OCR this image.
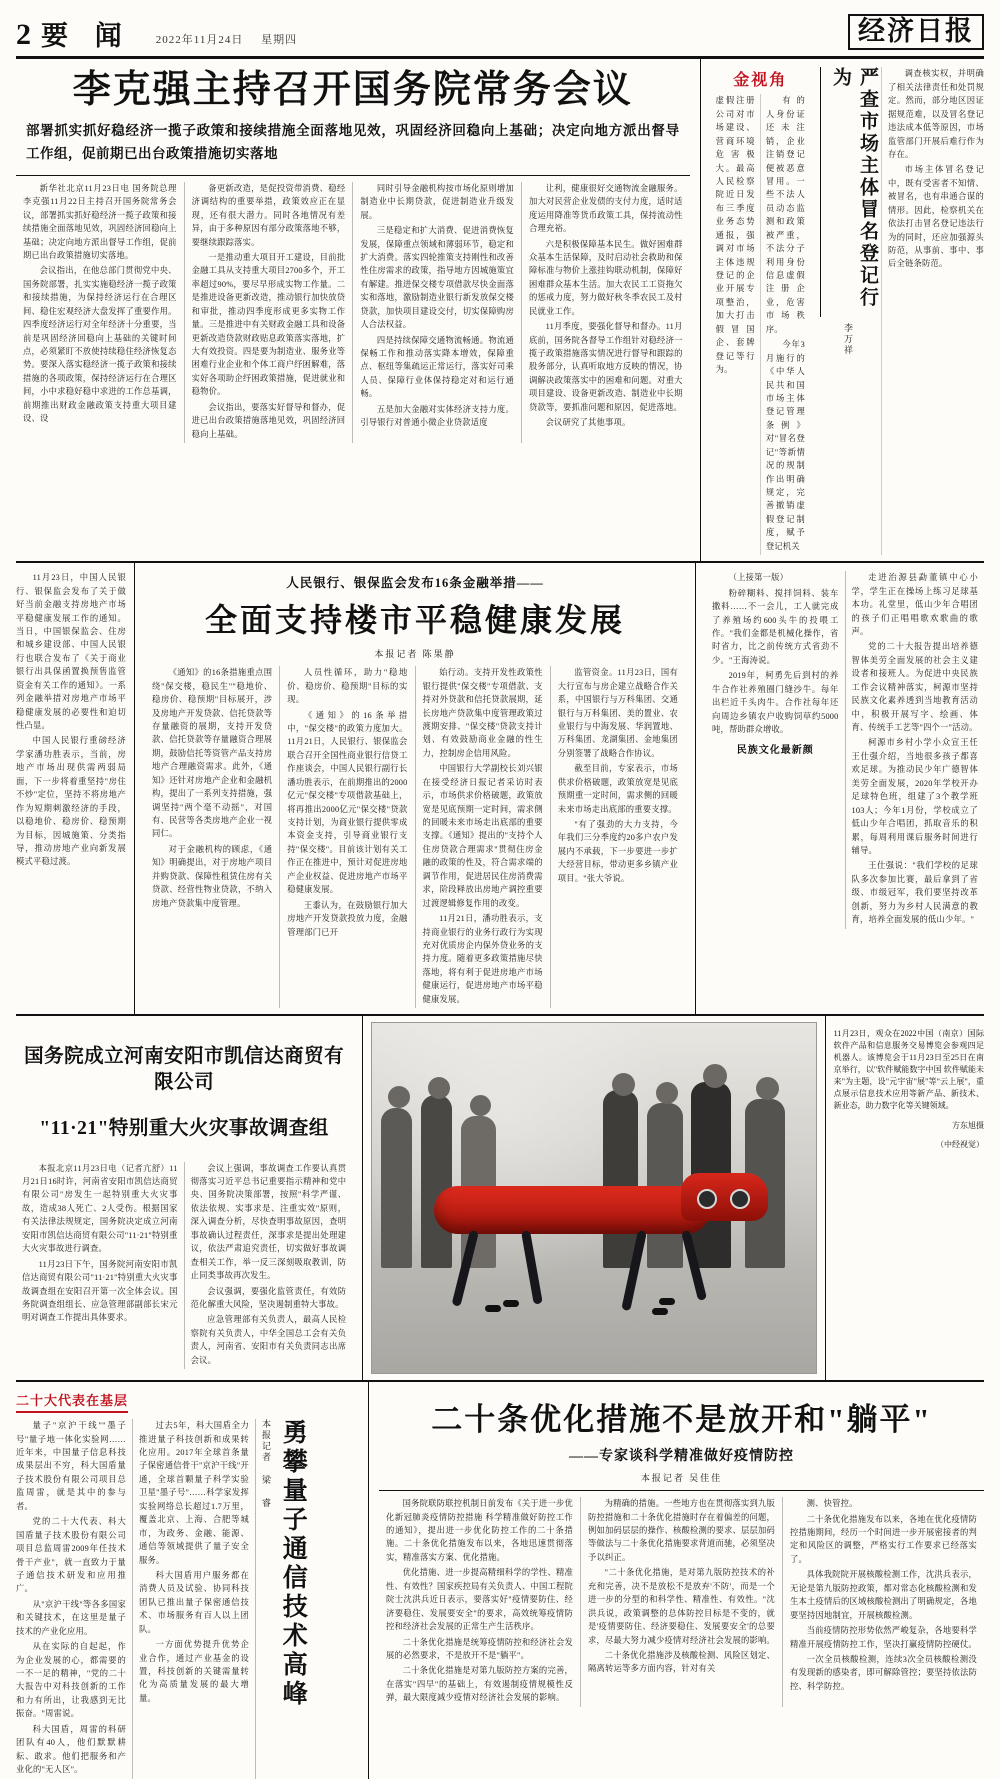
2 要 闻 2022年11月24日 星期四	经济日报
李克强主持召开国务院常务会议
部署抓实抓好稳经济一揽子政策和接续措施全面落地见效，巩固经济回稳向上基础；决定向地方派出督导工作组，促前期已出台政策措施切实落地

新华社北京11月23日电 国务院总理李克强11月22日主持召开国务院常务会议，部署抓实抓好稳经济一揽子政策和接续措施全面落地见效，巩固经济回稳向上基础；决定向地方派出督导工作组，促前期已出台政策措施切实落地。

会议指出，在他总部门贯彻党中央、国务院部署，扎实实施稳经济一揽子政策和接续措施，为保持经济运行在合理区间、稳住宏观经济大盘发挥了重要作用。四季度经济运行对全年经济十分重要，当前是巩固经济回稳向上基础的关键时间点，必须紧盯不放使持续稳住经济恢复态势。要深入落实稳经济一揽子政策和接续措施的各项政策，保持经济运行在合理区间，小中求稳好稳中求进的工作总基调，前期推出财政金融政策支持重大项目建设、设

备更新改造，是促投资带消费、稳经济调结构的重要举措，政策效应正在显现，还有很大潜力。同时各地情况有差异，由于多种原因有部分政策落地不够，要继续跟踪落实。

一是推动重大项目开工建设，目前批金融工具从支持重大项目2700多个，开工率超过90%，要尽早形成实物工作量。二是推进设备更新改造，推动银行加快放贷和审批，推动四季度形成更多实物工作量。三是推进中有关财政金融工具和设备更新改造贷款财政贴息政策落实落地，扩大有效投资。四是要为制造业、服务业等困难行业企业和个体工商户纾困解难，落实好各项助企纾困政策措施，促进就业和稳物价。

会议指出，要落实好督导和督办，促进已出台政策措施落地见效，巩固经济回稳向上基础。

同时引导金融机构按市场化原则增加制造业中长期贷款，促进制造业升级发展。

三是稳定和扩大消费、促进消费恢复发展，保障重点领域和薄弱环节，稳定和扩大消费。落实四轮推策支持刚性和改善性住房需求的政策，指导地方因城施策宜有解建。推进保交楼专项借款尽快金面落实和落地，激励制造业银行新发放保交楼贷款，加快项目建设交付，切实保障购房人合法权益。

四是持续保障交通物流畅通。物流通保畅工作和推动落实降本增效，保障重点、枢纽等集疏运正常运行，落实好司乘人员、保障行业体保持稳定对和运行通畅。

五是加大金融对实体经济支持力度。引导银行对普通小微企业贷款适度

让利，健康很好交通物流金融服务。加大对民营企业发债的支付力度，适时适度运用降准等货币政策工具，保持流动性合理充裕。

六是积极保障基本民生。做好困难群众基本生活保障，及时启动社会救助和保障标准与物价上涨挂钩联动机制，保障好困难群众基本生活。加大农民工工资拖欠的惩戒力度，努力做好秋冬季农民工及村民就业工作。

11月季度，要强化督导和督办。11月底前，国务院各督导工作组针对稳经济一揽子政策措施落实情况进行督导和跟踪的股务部分，认真听取地方反映的情况，协调解决政策落实中的困难和问题。对重大项目建设、设备更新改造、制造业中长期贷款等，要抓准问题和原因，促进落地。

会议研究了其他事项。

金视角
虚假注册公司对市场建设、营商环境危害极大。最高人民检察院近日发布三季度业务态势通报，强调对市场主体违规登记的企业开展专项整治，加大打击假冒国企、套牌登记等行为。

有的人身份证还未注销，企业注销登记便被恶意冒用。一些不法人员动态监测和政策被严重，不法分子利用身份信息虚假注册企业，危害市场秩序。

今年3月施行的《中华人民共和国市场主体登记管理条例》对"冒名登记"等新情况的规制作出明确规定，完善撤销虚假登记制度，赋予登记机关

严查市场主体冒名登记行为
李万祥

调查核实权，并明确了相关法律责任和处罚规定。然而，部分地区因证据规范难，以及冒名登记违法成本低等原因，市场监管部门开展后难行作为存在。

市场主体冒名登记中，既有受害者不知情、被冒名，也有串通合谋的情形。因此，检察机关在依法打击冒名登记违法行为的同时，还应加强源头防范，从事前、事中、事后全链条防范。

11月23日，中国人民银行、银保监会发布了关于做好当前金融支持房地产市场平稳健康发展工作的通知。当日，中国银保监会、住房和城乡建设部、中国人民银行也联合发布了《关于商业银行出具保函置换预售监管资金有关工作的通知》。一系列金融举措对房地产市场平稳健康发展的必要性和迫切性凸显。

中国人民银行重磅经济学家潘功胜表示，当前，房地产市场出现供需两弱局面，下一步将着重坚持"房住不炒"定位，坚持不将房地产作为短期刺激经济的手段，以稳地价、稳房价、稳预期为目标，因城施策、分类指导，推动房地产业向新发展模式平稳过渡。

人民银行、银保监会发布16条金融举措——
全面支持楼市平稳健康发展
本报记者 陈果静

《通知》的16条措施重点围绕"保交楼，稳民生""稳地价、稳房价、稳预期"目标展开，涉及房地产开发贷款、信托贷款等存量融资的展期，支持开发贷款、信托贷款等存量融资合理展期，鼓励信托等资管产品支持房地产合理融资需求。此外，《通知》还针对房地产企业和金融机构，提出了一系列支持措施，强调坚持"两个毫不动摇"，对国有、民营等各类房地产企业一视同仁。

对于金融机构的顾虑，《通知》明确提出，对于房地产项目并购贷款、保障性租赁住房有关贷款、经营性物业贷款，不纳入房地产贷款集中度管理。

人员性循环，助力"稳地价、稳房价、稳预期"目标的实现。

《通知》的16条举措中，"保交楼"的政策力度加大。11月21日，人民银行、银保监会联合召开全国性商业银行信贷工作座谈会，中国人民银行副行长潘功胜表示，在前期推出的2000亿元"保交楼"专项借款基础上，将再推出2000亿元"保交楼"贷款支持计划，为商业银行提供零成本资金支持，引导商业银行支持"保交楼"。目前该计划有关工作正在推进中，预计对促进房地产企业权益、促进房地产市场平稳健康发展。

王黍认为，在鼓励银行加大房地产开发贷款投放力度，金融管理部门已开

始行动。支持开发性政策性银行提供"保交楼"专项借款、支持对外贷款和信托贷款展期，延长房地产贷款集中度管理政策过渡期安排、"保交楼"贷款支持计划、有效鼓励商业金融的性生力，控制房企信用风险。

中国银行大学副校长刘兴银在接受经济日报记者采访时表示，市场供求价格破题，政策放宽是见底预期一定时间，需求侧的回暖未来市场走出底部的重要支撑。《通知》提出的"支持个人住房贷款合理需求"贯彻住房金融的政策的性及，符合需求端的调节作用，促进居民住房消费需求，阶段释放出房地产调控重要过渡逻辑修复作用的改变。

11月21日，潘功胜表示，支持商业银行的业务行政行为实现充对优质房企内保外贷业务的支持力度。随着更多政策措施尽快落地，将有利于促进房地产市场健康运行，促进房地产市场平稳健康发展。

监管资金。11月23日，国有大行宣布与房企建立战略合作关系，中国银行与万科集团、交通银行与万科集团、美的置业、农业银行与中海发展、华润置地、万科集团、龙湖集团、金地集团分别签署了战略合作协议。

截至目前，专家表示，市场供求价格破题，政策放宽是见底预期重一定时间，需求侧的回暖未来市场走出底部的重要支撑。

"有了强劲的大力支持，今年我们三分季度约20多户农户发展内不承载，下一步要进一步扩大经营目标，带动更多乡镇产业项目。"张大爷说。

（上接第一版）

粉碎糊料、搅拌饲料、装车撒料……不一会儿，工人就完成了养殖场约600头牛的投喂工作。"我们金都是机械化操作，省时省力，比之前传统方式省劲不少。"王海涛说。

2019年，柯勇先后到村的养牛合作社养殖圈门缝沙牛。每年出栏近千头肉牛。合作社每年还向周边乡镇农户收购饲草约5000吨，帮助群众增收。

民族文化最新颜

走进治源县勐董镇中心小学，学生正在操场上练习足球基本功。礼堂里，低山少年合唱团的孩子们正唱唱歌欢歌曲的歌声。

党的二十大报告提出培养德智体美劳全面发展的社会主义建设者和接班人。为促进中央民族工作会议精神落实，柯源市坚持民族文化素养透到当地教育活动中，积极开展写字、绘画、体育、传统手工艺等"四个一"活动。

柯源市乡村小学小众宣王任王仕强介绍，当地很多孩子都喜欢足球。为推动民少年广德智体美劳全面发展，2020年学校开办足球特色班，组建了3个教学班103人；今年1月份，学校成立了低山少年合唱团，抓取音乐的积累，每周利用课后服务时间进行辅导。

王仕强说："我们学校的足球队多次参加比赛，最后拿到了省级、市级冠军，我们要坚持改革创新，努力为乡村人民满意的教育，培养全面发展的低山少年。"

国务院成立河南安阳市凯信达商贸有限公司

"11·21"特别重大火灾事故调查组

本报北京11月23日电（记者亢舒）11月21日16时许，河南省安阳市凯信达商贸有限公司"房发生一起特别重大火灾事故，造成38人死亡、2人受伤。根据国家有关法律法规规定，国务院决定成立河南安阳市凯信达商贸有限公司"11·21"特别重大火灾事故进行调查。

11月23日下午，国务院河南安阳市凯信达商贸有限公司"11·21"特别重大火灾事故调查组在安阳召开第一次全体会议。国务院调查组组长、应急管理部副部长宋元明对调查工作提出具体要求。

会议上强调，事故调查工作要认真贯彻落实习近平总书记重要指示精神和党中央、国务院决策部署，按照"科学严谨、依法依规、实事求是、注重实效"原则，深入调查分析，尽快查明事故原因，查明事故确认过程责任，深事求是提出处理建议，依法严肃追究责任，切实做好事故调查相关工作，举一反三深刻吸取教训，防止同类事故再次发生。

会议强调，要强化监管责任，有效防范化解重大风险，坚决遏制重特大事故。

应急管理部有关负责人，最高人民检察院有关负责人，中华全国总工会有关负责人，河南省、安阳市有关负责同志出席会议。

11月23日，观众在2022中国（南京）国际软件产品和信息服务交易博览会参观四足机器人。该博览会于11月23日至25日在南京举行，以"软件赋能数字中国 软件赋能未来"为主题，设"元宇宙"展"等"云上展"，重点展示信息技术应用等新产品、新技术、新业态，助力数字化等关键领域。

方东旭摄

（中经视觉）

二十大代表在基层

量子"京沪干线""墨子号"量子地一体化实验网……近年来，中国量子信息科技成果层出不穷，科大国盾量子技术股份有限公司项目总监周雷，就是其中的参与者。

党的二十大代表、科大国盾量子技术股份有限公司项目总监周雷2009年任技术骨干产业"，就一直致力于量子通信技术研发和应用推广。

从"京沪干线"等各多国家和关键技术，在这里是量子技术的产业化应用。

从在实际的自起起，作为企业发展的心，都需要的一不一足的精神，"党的二十大报告中对科技创新的工作和力有所出，让我感到无比振奋。"周雷说。

科大国盾，周雷的科研团队有40人，他们默默耕耘、敢求。他们把服务和产业化的"无人区"。

过去5年，科大国盾全力推进量子科技创新和成果转化应用。2017年全球首条量子保密通信骨干"京沪干线"开通，全球首颗量子科学实验卫星"墨子号"……科学家发挥实验网络总长超过1.7万里，覆盖北京、上海、合肥等城市，为政务、金融、能源、通信等领域提供了量子安全服务。

科大国盾用户服务都在消费人员及试验、协同科技团队已推出量子保密通信技术、市场服务有百人以上团队。

一方面优势提升优势企业合作，通过产业基金的设置，科技创新的关键需量转化为高质量发展的最大增量。

本报记者 梁 睿 勇攀量子通信技术高峰	二十条优化措施不是放开和"躺平"
——专家谈科学精准做好疫情防控
本报记者 吴佳佳

国务院联防联控机制日前发布《关于进一步优化新冠肺炎疫情防控措施 科学精准做好防控工作的通知》，提出进一步优化防控工作的二十条措施。二十条优化措施发布以来，各地迅速贯彻落实，精准落实方案、优化措施。

优化措施、进一步提高精细科学的学性、精准性、有效性？国家疾控局有关负责人、中国工程院院士沈洪兵近日表示，要落实好"疫情要防住、经济要稳住、发展要安全"的要求，高效统筹疫情防控和经济社会发展的正常生产生活秩序。

二十条优化措施是统筹疫情防控和经济社会发展的必然要求，不是放开不是"躺平"。

二十条优化措施是对第九版防控方案的完善，在落实"四早"的基础上，有效遏制疫情规模性反弹，最大限度减少疫情对经济社会发展的影响。

为精确的措施。一些地方也在贯彻落实到九版防控措施和二十条优化措施时存在着偏差的问题，例如加码层层的操作、核酸检测的要求、层层加码等做法与二十条优化措施要求背道而驰，必须坚决予以纠正。

"二十条优化措施，是对第九版防控技术的补充和完善，决不是放松不是放弃'不防'，而是一个进一步的分型的和科学性、精准性、有效性。"沈洪兵说，政策调整的总体防控目标是不变的，就是'疫情要防住、经济要稳住、发展要安全'的总要求，尽最大努力减少疫情对经济社会发展的影响。

二十条优化措施涉及核酸检测、风险区划定、隔离转运等多方面内容，针对有关

测、快管控。

二十条优化措施发布以来，各地在优化疫情防控措施期间，经历一个时间进一步开展密接者的判定和风险区的调整，严格实行工作要求已经落实了。

具体我院院开展核酸检测工作，沈洪兵表示，无论是第九版防控政策，都对常态化核酸检测和发生本土疫情后的区域核酸检测出了明确规定，各地要坚持因地制宜，开展核酸检测。

当前疫情防控形势依然严峻复杂，各地要科学精准开展疫情防控工作，坚决打赢疫情防控硬仗。

一次全员核酸检测，连续3次全员核酸检测没有发现新的感染者，即可解除管控；要坚持依法防控、科学防控。
